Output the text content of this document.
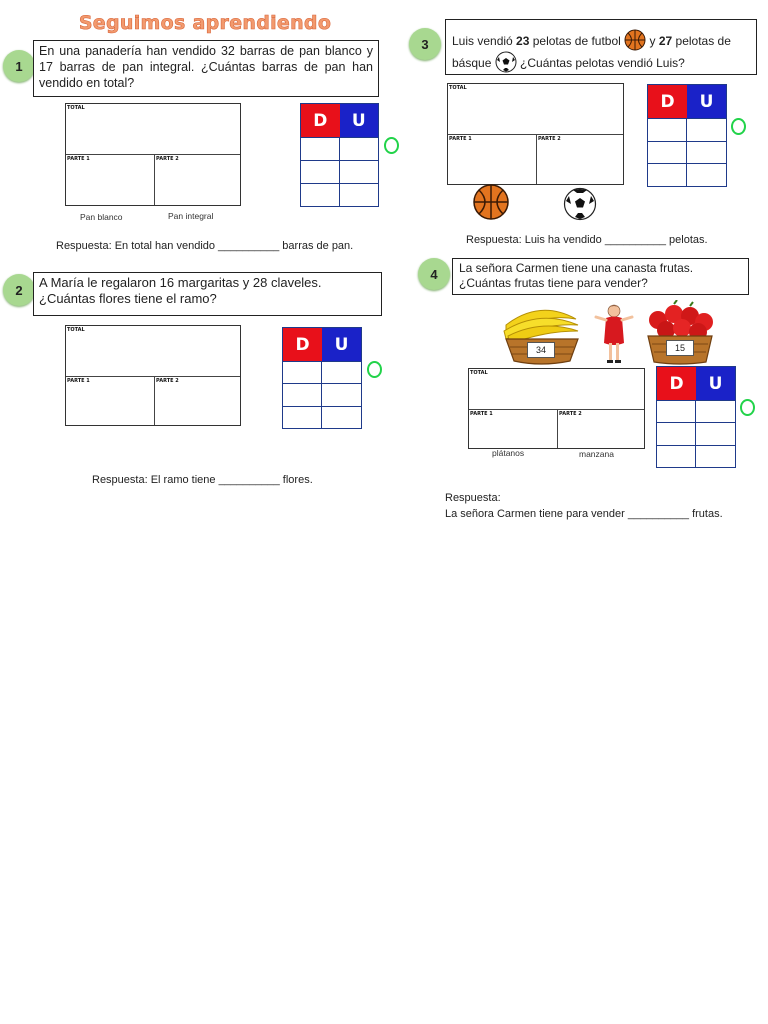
Seguimos aprendiendo
1
En una panadería han vendido 32 barras de pan blanco y 17 barras de pan integral. ¿Cuántas barras de pan han vendido en total?
TOTAL
PARTE 1	PARTE 2
Pan blanco	Pan integral
D	U
Respuesta: En total han vendido __________ barras de pan.
2	A María le regalaron 16 margaritas y 28 claveles. ¿Cuántas flores tiene el ramo?
TOTAL
PARTE 1	PARTE 2
D	U
Respuesta: El ramo tiene __________ flores.
3	Luis vendió 23 pelotas de futbol  y 27 pelotas de básque  ¿Cuántas pelotas vendió Luis?
TOTAL
PARTE 1	PARTE 2
D	U
Respuesta: Luis ha vendido __________ pelotas.
4	La señora Carmen tiene una canasta frutas. ¿Cuántas frutas tiene para vender?
34	15
TOTAL
PARTE 1	PARTE 2
plátanos	manzana
D	U
Respuesta:
La señora Carmen tiene para vender __________ frutas.
